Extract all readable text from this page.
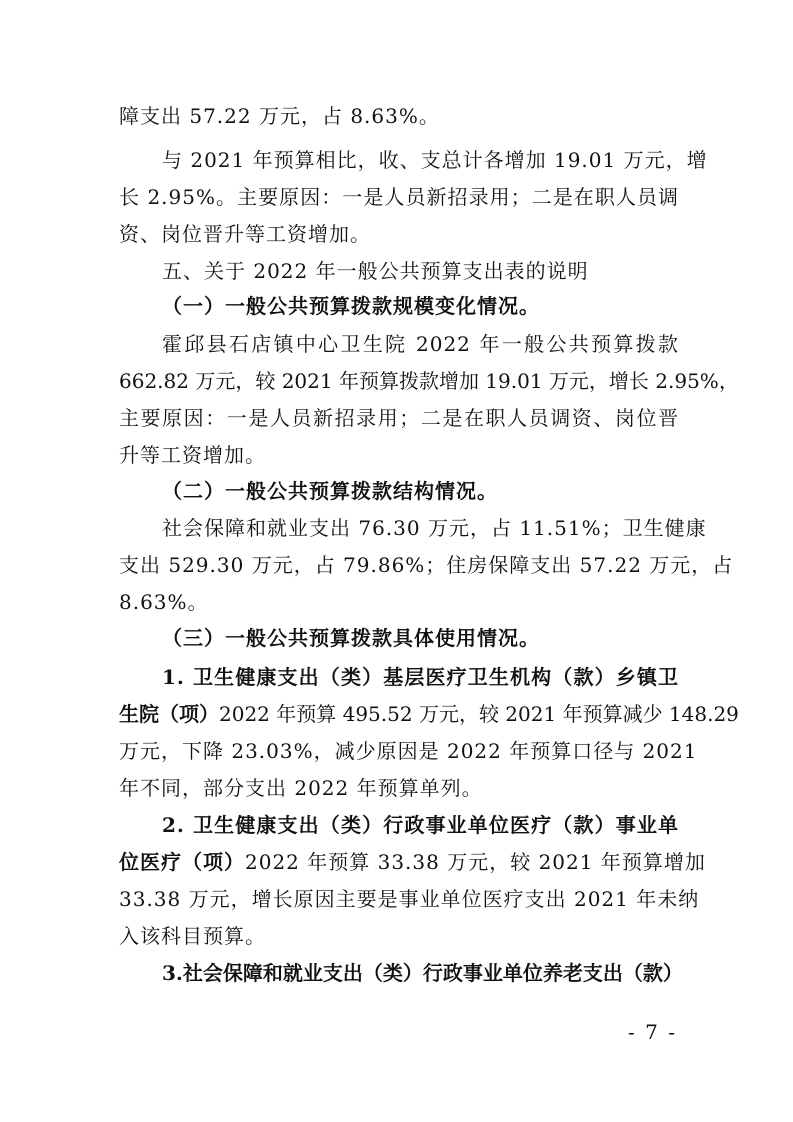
障支出 57.22 万元，占 8.63%。
与 2021 年预算相比，收、支总计各增加 19.01 万元，增
长 2.95%。主要原因：一是人员新招录用；二是在职人员调
资、岗位晋升等工资增加。
五、关于 2022 年一般公共预算支出表的说明
（一）一般公共预算拨款规模变化情况。
霍邱县石店镇中心卫生院 2022 年一般公共预算拨款
662.82 万元，较 2021 年预算拨款增加 19.01 万元，增长 2.95%，
主要原因：一是人员新招录用；二是在职人员调资、岗位晋
升等工资增加。
（二）一般公共预算拨款结构情况。
社会保障和就业支出 76.30 万元，占 11.51%；卫生健康
支出 529.30 万元，占 79.86%；住房保障支出 57.22 万元，占
8.63%。
（三）一般公共预算拨款具体使用情况。
1. 卫生健康支出（类）基层医疗卫生机构（款）乡镇卫
生院（项）2022 年预算 495.52 万元，较 2021 年预算减少 148.29
万元，下降 23.03%，减少原因是 2022 年预算口径与 2021
年不同，部分支出 2022 年预算单列。
2. 卫生健康支出（类）行政事业单位医疗（款）事业单
位医疗（项）2022 年预算 33.38 万元，较 2021 年预算增加
33.38 万元，增长原因主要是事业单位医疗支出 2021 年未纳
入该科目预算。
3.社会保障和就业支出（类）行政事业单位养老支出（款）
- 7 -
